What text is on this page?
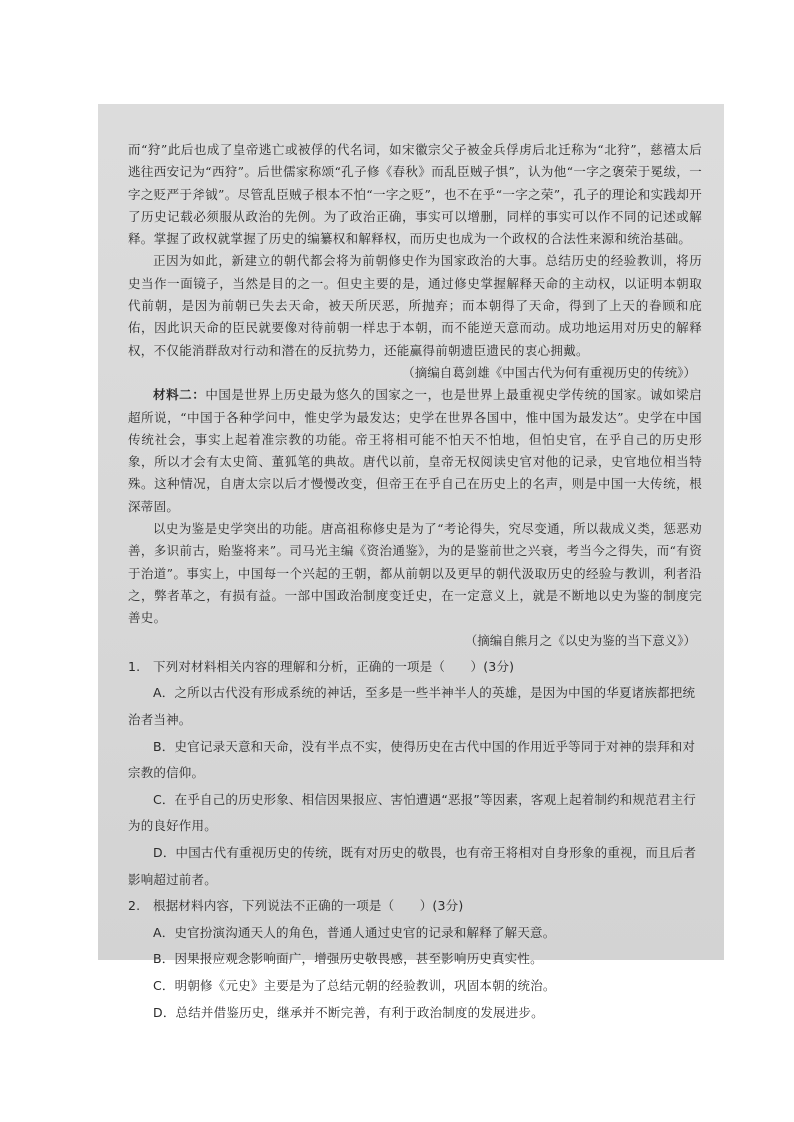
而“狩”此后也成了皇帝逃亡或被俘的代名词，如宋徽宗父子被金兵俘虏后北迁称为“北狩”，慈禧太后逃往西安记为“西狩”。后世儒家称颂“孔子修《春秋》而乱臣贼子惧”，认为他“一字之褒荣于冕绂，一字之贬严于斧钺”。尽管乱臣贼子根本不怕“一字之贬”，也不在乎“一字之荣”，孔子的理论和实践却开了历史记载必须服从政治的先例。为了政治正确，事实可以增删，同样的事实可以作不同的记述或解释。掌握了政权就掌握了历史的编纂权和解释权，而历史也成为一个政权的合法性来源和统治基础。

正因为如此，新建立的朝代都会将为前朝修史作为国家政治的大事。总结历史的经验教训，将历史当作一面镜子，当然是目的之一。但史主要的是，通过修史掌握解释天命的主动权，以证明本朝取代前朝，是因为前朝已失去天命，被天所厌恶，所抛弃；而本朝得了天命，得到了上天的眷顾和庇佑，因此识天命的臣民就要像对待前朝一样忠于本朝，而不能逆天意而动。成功地运用对历史的解释权，不仅能消群敌对行动和潜在的反抗势力，还能赢得前朝遗臣遗民的衷心拥戴。

（摘编自葛剑雄《中国古代为何有重视历史的传统》）

材料二：中国是世界上历史最为悠久的国家之一，也是世界上最重视史学传统的国家。诚如梁启超所说，“中国于各种学问中，惟史学为最发达；史学在世界各国中，惟中国为最发达”。史学在中国传统社会，事实上起着准宗教的功能。帝王将相可能不怕天不怕地，但怕史官，在乎自己的历史形象，所以才会有太史简、董狐笔的典故。唐代以前，皇帝无权阅读史官对他的记录，史官地位相当特殊。这种情况，自唐太宗以后才慢慢改变，但帝王在乎自己在历史上的名声，则是中国一大传统，根深蒂固。

以史为鉴是史学突出的功能。唐高祖称修史是为了“考论得失，究尽变通，所以裁成义类，惩恶劝善，多识前古，贻鉴将来”。司马光主编《资治通鉴》，为的是鉴前世之兴衰，考当今之得失，而“有资于治道”。事实上，中国每一个兴起的王朝，都从前朝以及更早的朝代汲取历史的经验与教训，利者沿之，弊者革之，有损有益。一部中国政治制度变迁史，在一定意义上，就是不断地以史为鉴的制度完善史。

（摘编自熊月之《以史为鉴的当下意义》）

1.　下列对材料相关内容的理解和分析，正确的一项是（　　）(3分)

A．之所以古代没有形成系统的神话，至多是一些半神半人的英雄，是因为中国的华夏诸族都把统治者当神。

B．史官记录天意和天命，没有半点不实，使得历史在古代中国的作用近乎等同于对神的崇拜和对宗教的信仰。

C．在乎自己的历史形象、相信因果报应、害怕遭遇“恶报”等因素，客观上起着制约和规范君主行为的良好作用。

D．中国古代有重视历史的传统，既有对历史的敬畏，也有帝王将相对自身形象的重视，而且后者影响超过前者。

2.　根据材料内容，下列说法不正确的一项是（　　）(3分)

A．史官扮演沟通天人的角色，普通人通过史官的记录和解释了解天意。

B．因果报应观念影响面广，增强历史敬畏感，甚至影响历史真实性。

C．明朝修《元史》主要是为了总结元朝的经验教训，巩固本朝的统治。

D．总结并借鉴历史，继承并不断完善，有利于政治制度的发展进步。
